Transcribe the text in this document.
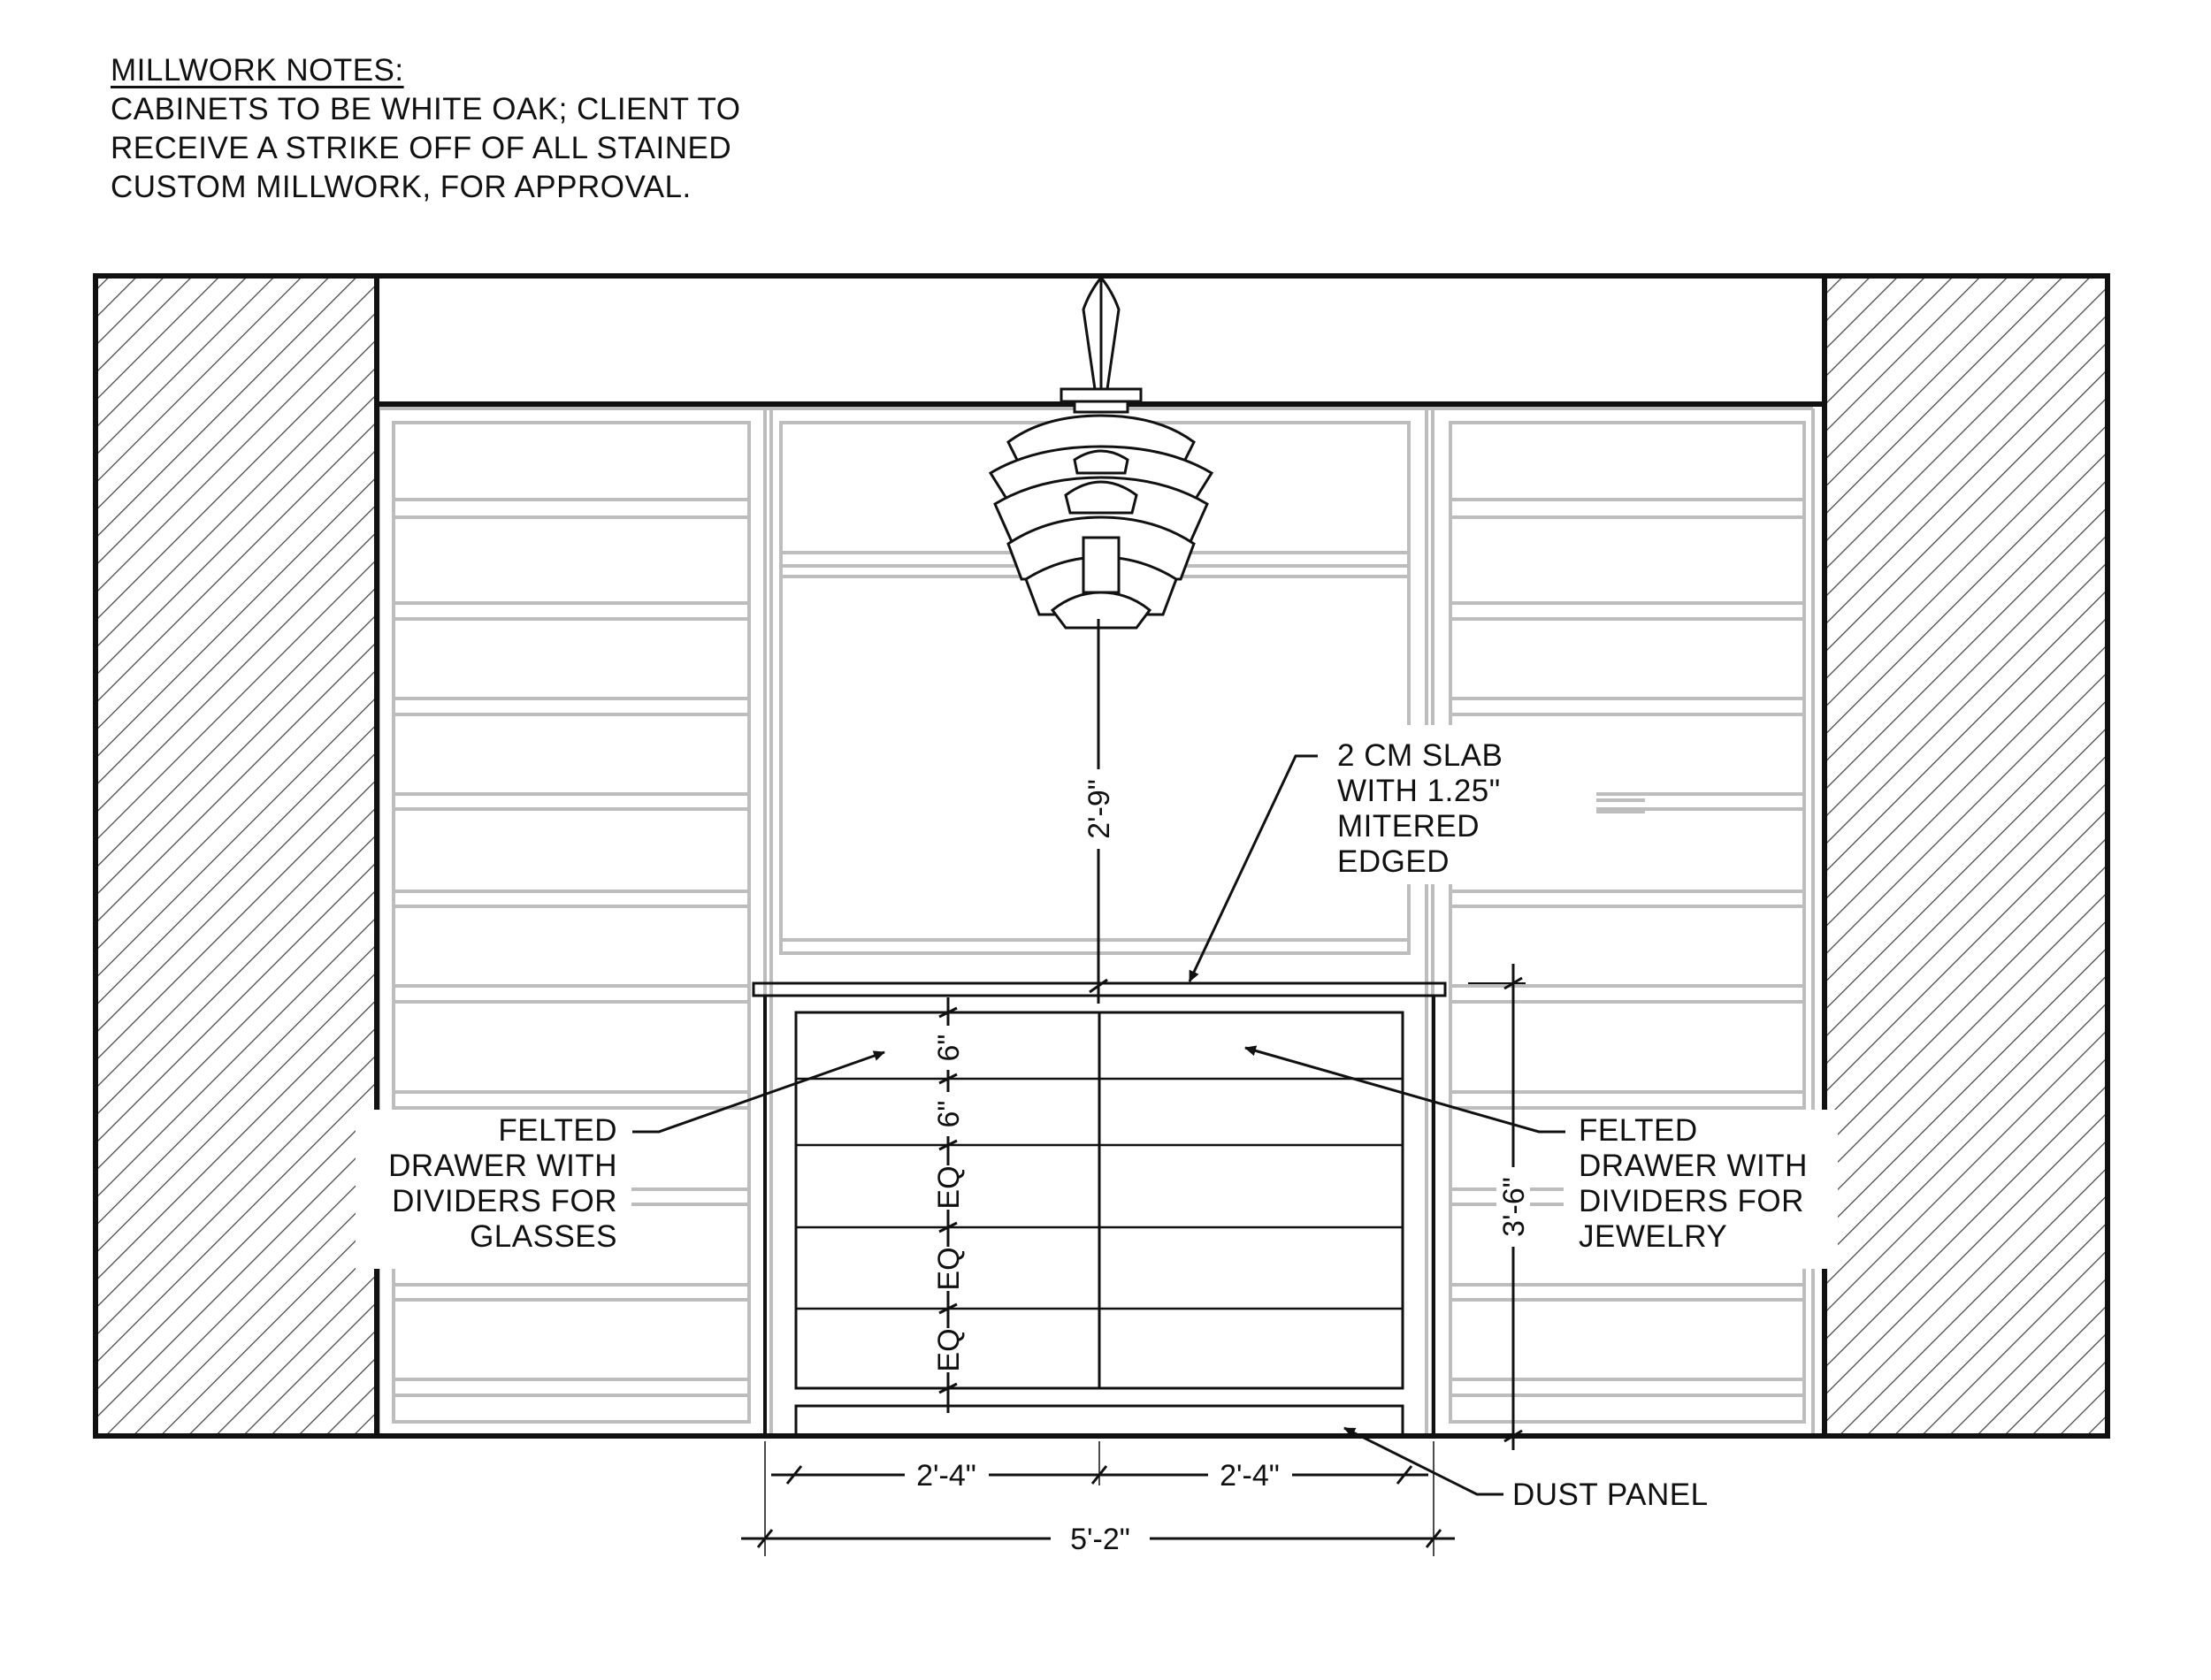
MILLWORK NOTES:
CABINETS TO BE WHITE OAK; CLIENT TO
RECEIVE A STRIKE OFF OF ALL STAINED
CUSTOM MILLWORK, FOR APPROVAL.
2'-9"
6"
6"
EQ
EQ
EQ
3'-6"
2'-4"	2'-4"
5'-2"
2 CM SLAB
WITH 1.25"
MITERED
EDGED
FELTED
DRAWER WITH
DIVIDERS FOR
GLASSES
FELTED
DRAWER WITH
DIVIDERS FOR
JEWELRY
DUST PANEL
